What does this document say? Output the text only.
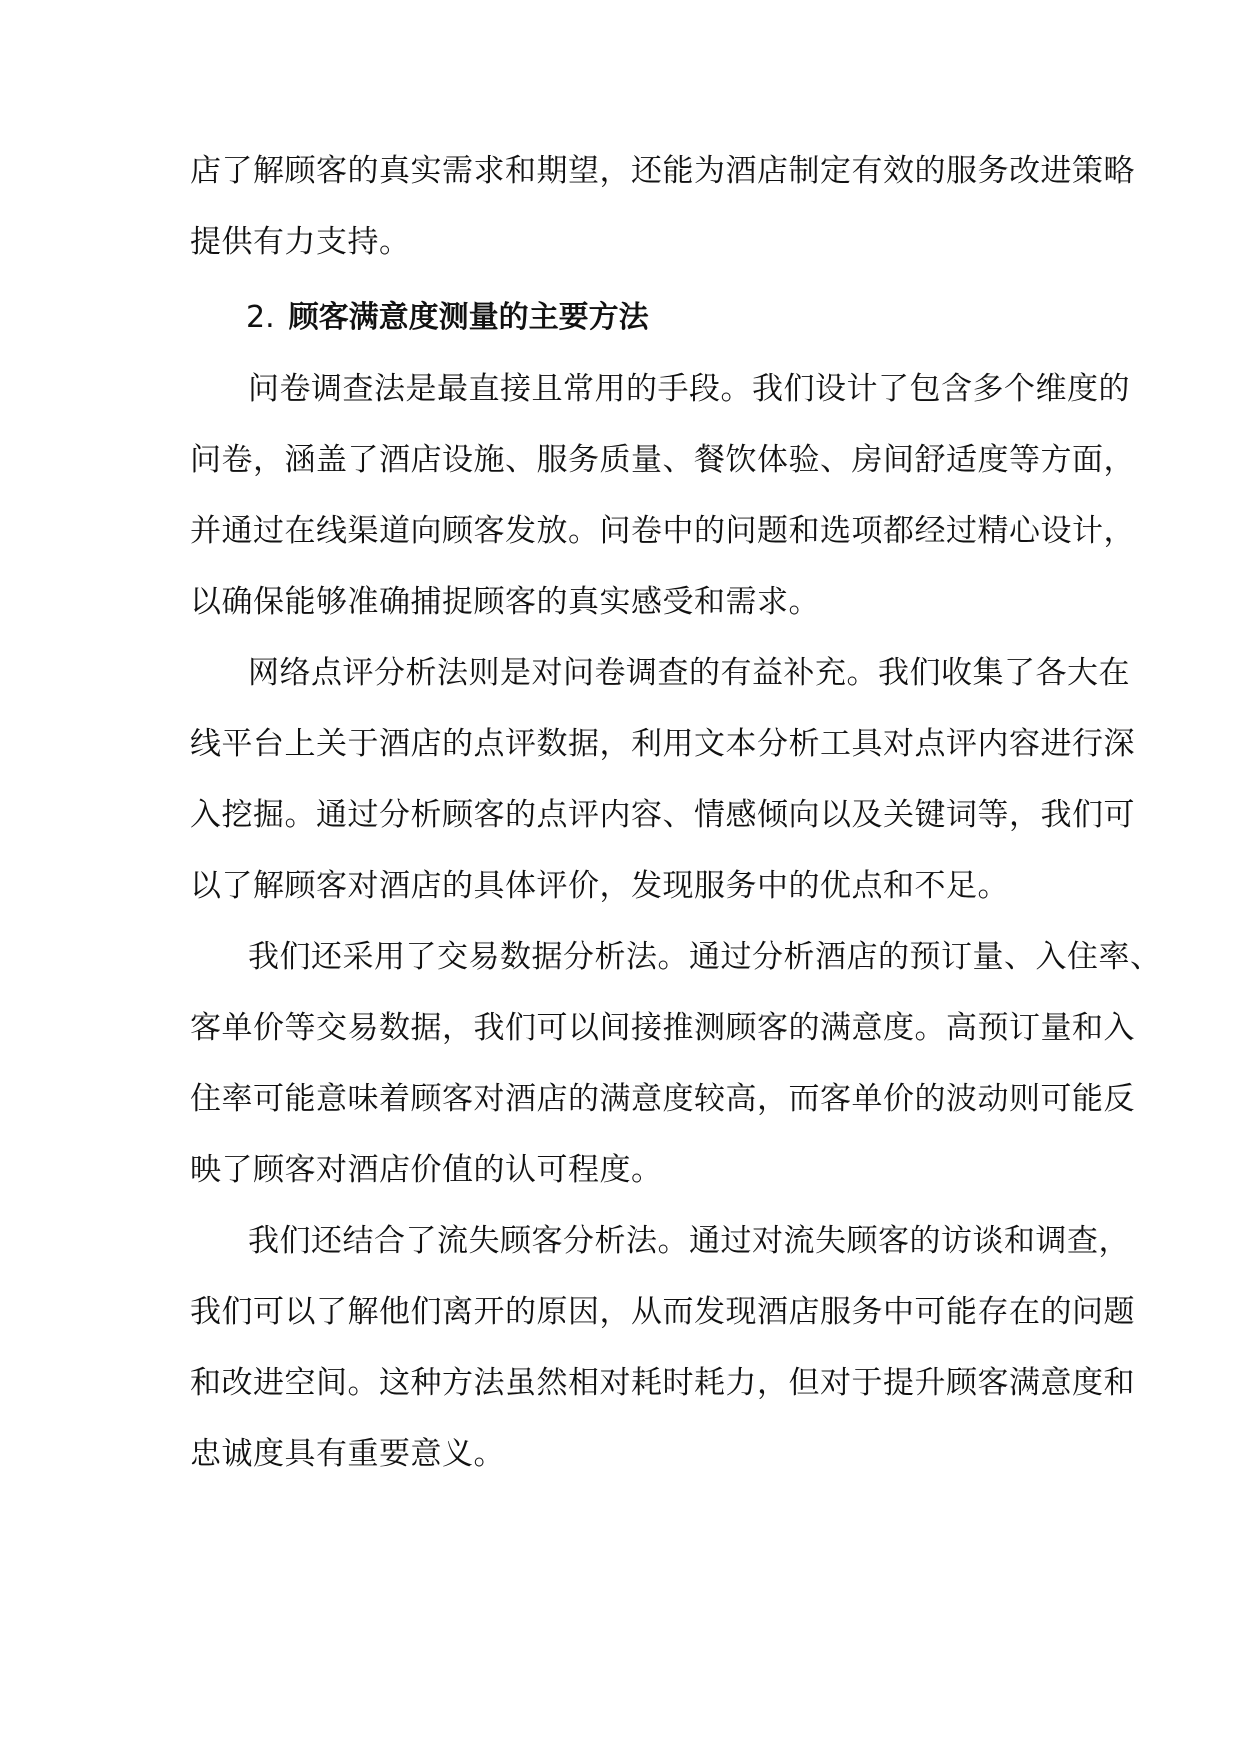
店了解顾客的真实需求和期望，还能为酒店制定有效的服务改进策略
提供有力支持。
2. 顾客满意度测量的主要方法
问卷调查法是最直接且常用的手段。我们设计了包含多个维度的
问卷，涵盖了酒店设施、服务质量、餐饮体验、房间舒适度等方面，
并通过在线渠道向顾客发放。问卷中的问题和选项都经过精心设计，
以确保能够准确捕捉顾客的真实感受和需求。
网络点评分析法则是对问卷调查的有益补充。我们收集了各大在
线平台上关于酒店的点评数据，利用文本分析工具对点评内容进行深
入挖掘。通过分析顾客的点评内容、情感倾向以及关键词等，我们可
以了解顾客对酒店的具体评价，发现服务中的优点和不足。
我们还采用了交易数据分析法。通过分析酒店的预订量、入住率、
客单价等交易数据，我们可以间接推测顾客的满意度。高预订量和入
住率可能意味着顾客对酒店的满意度较高，而客单价的波动则可能反
映了顾客对酒店价值的认可程度。
我们还结合了流失顾客分析法。通过对流失顾客的访谈和调查，
我们可以了解他们离开的原因，从而发现酒店服务中可能存在的问题
和改进空间。这种方法虽然相对耗时耗力，但对于提升顾客满意度和
忠诚度具有重要意义。
